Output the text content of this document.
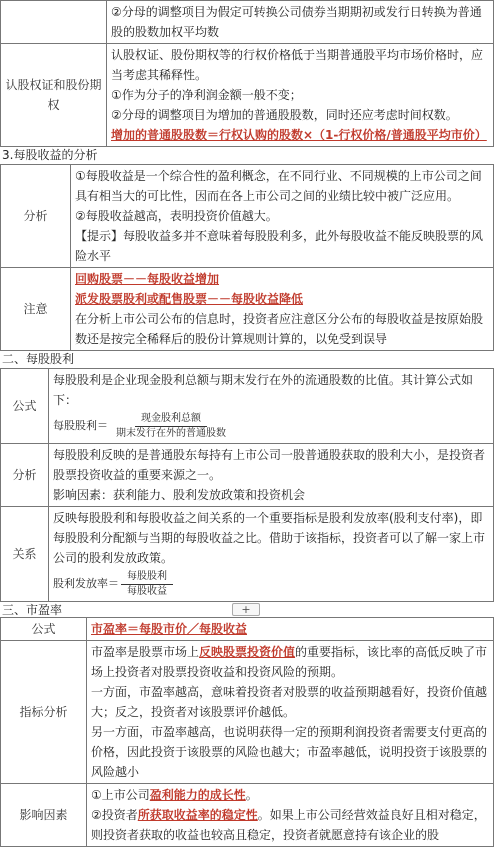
	②分母的调整项目为假定可转换公司债券当期期初或发行日转换为普通股的股数加权平均数
认股权证和股份期权	认股权证、股份期权等的行权价格低于当期普通股平均市场价格时，应当考虑其稀释性。
①作为分子的净利润金额一般不变；
②分母的调整项目为增加的普通股股数，同时还应考虑时间权数。
增加的普通股股数＝行权认购的股数×（1-行权价格/普通股平均市价）
3.每股收益的分析
分析	①每股收益是一个综合性的盈利概念，在不同行业、不同规模的上市公司之间具有相当大的可比性，因而在各上市公司之间的业绩比较中被广泛应用。
②每股收益越高，表明投资价值越大。
【提示】每股收益多并不意味着每股股利多，此外每股收益不能反映股票的风险水平

注意	回购股票－－每股收益增加
派发股票股利或配售股票－－每股收益降低
在分析上市公司公布的信息时，投资者应注意区分公布的每股收益是按原始股数还是按完全稀释后的股份计算规则计算的，以免受到误导
二、每股股利
公式	每股股利是企业现金股利总额与期末发行在外的流通股数的比值。其计算公式如下：
每股股利＝ $\frac{\text{现金股利总额}}{\text{期末发行在外的普通股数}}$

分析	每股股利反映的是普通股东每持有上市公司一股普通股获取的股利大小，是投资者股票投资收益的重要来源之一。
影响因素：获利能力、股利发放政策和投资机会

关系	反映每股股利和每股收益之间关系的一个重要指标是股利发放率(股利支付率)，即每股股利分配额与当期的每股收益之比。借助于该指标，投资者可以了解一家上市公司的股利发放政策。
股利发放率＝ $\frac{\text{每股股利}}{\text{每股收益}}$
三、市盈率	+
公式	市盈率＝每股市价／每股收益
指标分析	市盈率是股票市场上反映股票投资价值的重要指标，该比率的高低反映了市场上投资者对股票投资收益和投资风险的预期。
一方面，市盈率越高，意味着投资者对股票的收益预期越看好，投资价值越大；反之，投资者对该股票评价越低。
另一方面，市盈率越高，也说明获得一定的预期利润投资者需要支付更高的价格，因此投资于该股票的风险也越大；市盈率越低，说明投资于该股票的风险越小

影响因素	①上市公司盈利能力的成长性。
②投资者所获取收益率的稳定性。如果上市公司经营效益良好且相对稳定，则投资者获取的收益也较高且稳定，投资者就愿意持有该企业的股
